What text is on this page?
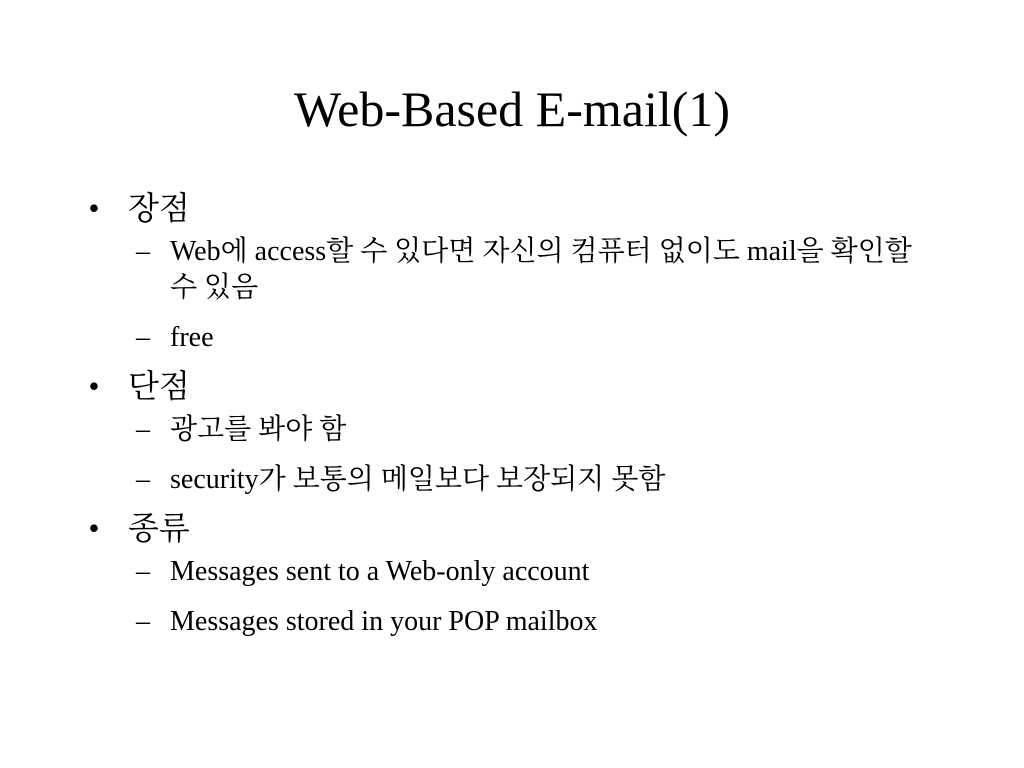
Web-Based E-mail(1)
• 장점
– Web에 access할 수 있다면 자신의 컴퓨터 없이도 mail을 확인할 수 있음
– free
• 단점
– 광고를 봐야 함
– security가 보통의 메일보다 보장되지 못함
• 종류
– Messages sent to a Web-only account
– Messages stored in your POP mailbox
